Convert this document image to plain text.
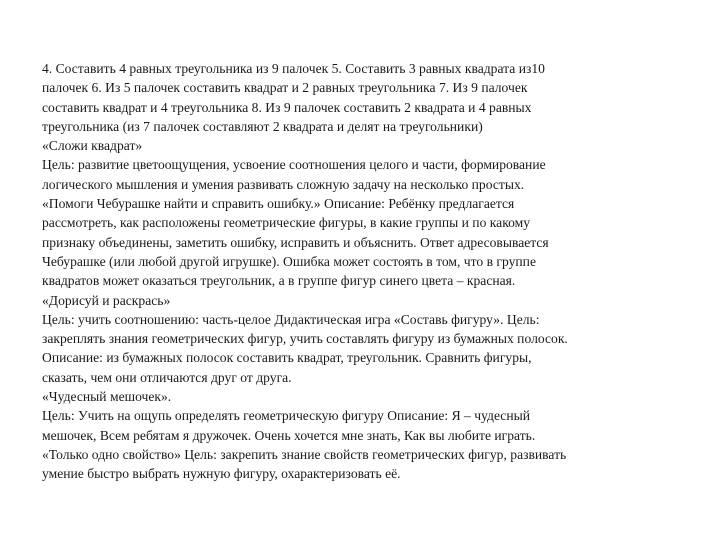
4. Составить 4 равных треугольника из 9 палочек 5. Составить 3 равных квадрата из10
палочек 6. Из 5 палочек составить квадрат и 2 равных треугольника 7. Из 9 палочек
составить квадрат и 4 треугольника 8. Из 9 палочек составить 2 квадрата и 4 равных
треугольника (из 7 палочек составляют 2 квадрата и делят на треугольники)
«Сложи квадрат»
Цель: развитие цветоощущения, усвоение соотношения целого и части, формирование
логического мышления и умения развивать сложную задачу на несколько простых.
«Помоги Чебурашке найти и справить ошибку.» Описание: Ребёнку предлагается
рассмотреть, как расположены геометрические фигуры, в какие группы и по какому
признаку объединены, заметить ошибку, исправить и объяснить. Ответ адресовывается
Чебурашке (или любой другой игрушке). Ошибка может состоять в том, что в группе
квадратов может оказаться треугольник, а в группе фигур синего цвета – красная.
«Дорисуй и раскрась»
Цель: учить соотношению: часть-целое Дидактическая игра «Составь фигуру». Цель:
закреплять знания геометрических фигур, учить составлять фигуру из бумажных полосок.
Описание: из бумажных полосок составить квадрат, треугольник. Сравнить фигуры,
сказать, чем они отличаются друг от друга.
«Чудесный мешочек».
Цель: Учить на ощупь определять геометрическую фигуру Описание: Я – чудесный
мешочек, Всем ребятам я дружочек. Очень хочется мне знать, Как вы любите играть.
«Только одно свойство» Цель: закрепить знание свойств геометрических фигур, развивать
умение быстро выбрать нужную фигуру, охарактеризовать её.
